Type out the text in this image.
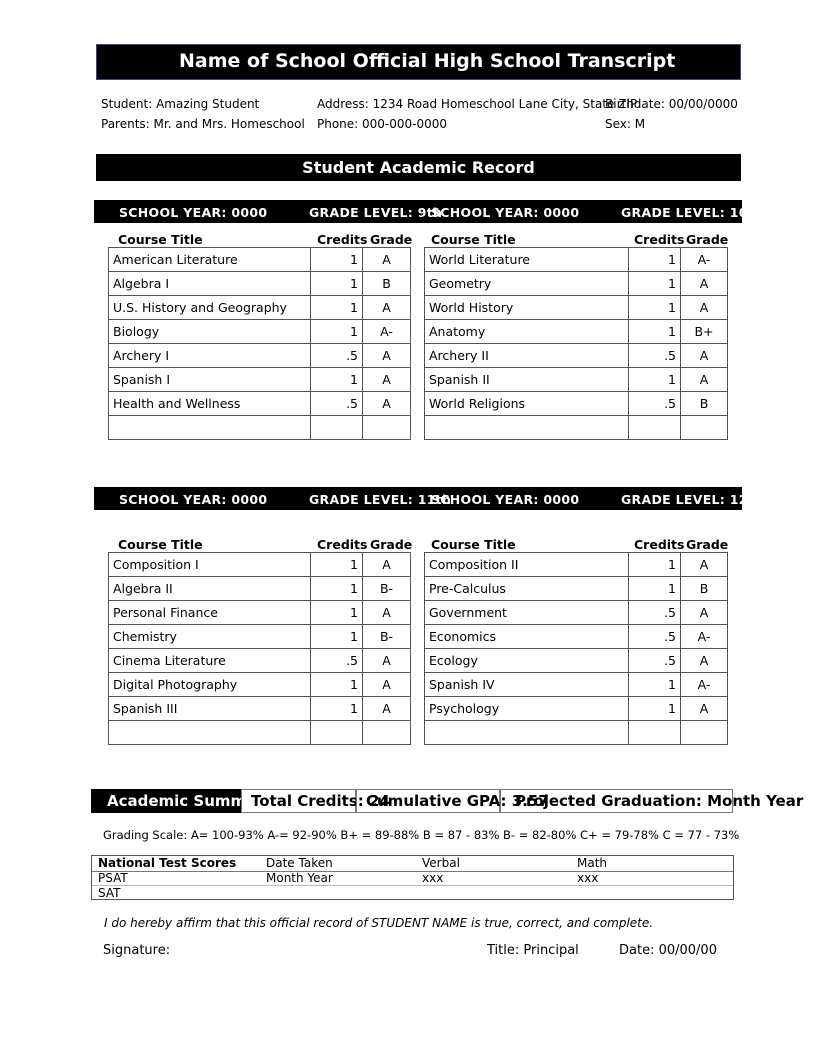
Name of School Official High School Transcript
Student: Amazing Student
Parents: Mr. and Mrs. Homeschool
Address: 1234 Road Homeschool Lane City, State ZIP
Phone: 000-000-0000
Birthdate: 00/00/0000
Sex: M
Student Academic Record
SCHOOL YEAR: 0000	GRADE LEVEL: 9th
SCHOOL YEAR: 0000	GRADE LEVEL: 10th
SCHOOL YEAR: 0000	GRADE LEVEL: 11th
SCHOOL YEAR: 0000	GRADE LEVEL: 12th
Course Title	Credits Grade Course Title	Credits Grade
Course Title	Credits Grade Course Title	Credits Grade
American Literature	1	A
Algebra I	1	B
U.S. History and Geography	1	A
Biology	1	A-
Archery I	.5	A
Spanish I	1	A
Health and Wellness	.5	A

World Literature	1	A-
Geometry	1	A
World History	1	A
Anatomy	1	B+
Archery II	.5	A
Spanish II	1	A
World Religions	.5	B

Composition I	1	A
Algebra II	1	B-
Personal Finance	1	A
Chemistry	1	B-
Cinema Literature	.5	A
Digital Photography	1	A
Spanish III	1	A

Composition II	1	A
Pre-Calculus	1	B
Government	.5	A
Economics	.5	A-
Ecology	.5	A
Spanish IV	1	A-
Psychology	1	A

Academic Summary
Total Credits: 24
Cumulative GPA: 3.57
Projected Graduation: Month Year
Grading Scale: A= 100-93% A-= 92-90% B+ = 89-88% B = 87 - 83% B- = 82-80% C+ = 79-78% C = 77 - 73%
National Test Scores Date Taken	Verbal	Math
PSAT	Month Year	xxx	xxx
SAT
I do hereby affirm that this official record of STUDENT NAME is true, correct, and complete.
Signature:	Title: Principal	Date: 00/00/00
